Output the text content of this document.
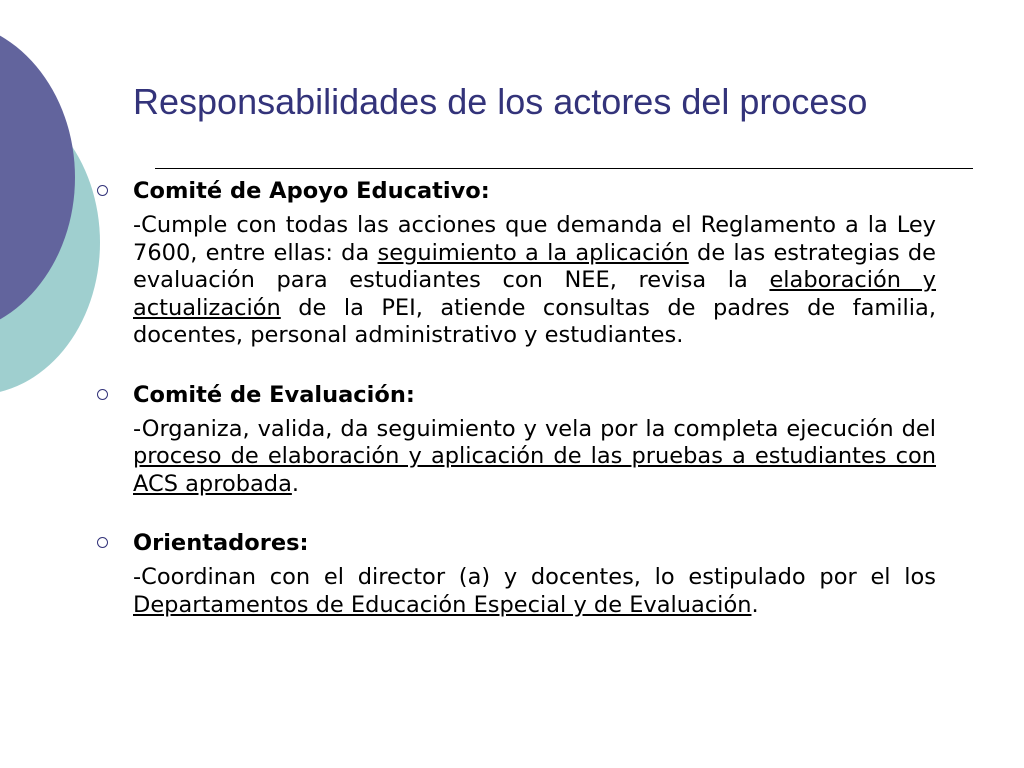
Responsabilidades de los actores del proceso

Comité de Apoyo Educativo:

-Cumple con todas las acciones que demanda el Reglamento a la Ley 7600, entre ellas: da seguimiento a la aplicación de las estrategias de evaluación para estudiantes con NEE, revisa la elaboración y actualización de la PEI, atiende consultas de padres de familia, docentes, personal administrativo y estudiantes.

Comité de Evaluación:

-Organiza, valida, da seguimiento y vela por la completa ejecución del proceso de elaboración y aplicación de las pruebas a estudiantes con ACS aprobada.

Orientadores:

-Coordinan con el director (a) y docentes, lo estipulado por el los Departamentos de Educación Especial y de Evaluación.
